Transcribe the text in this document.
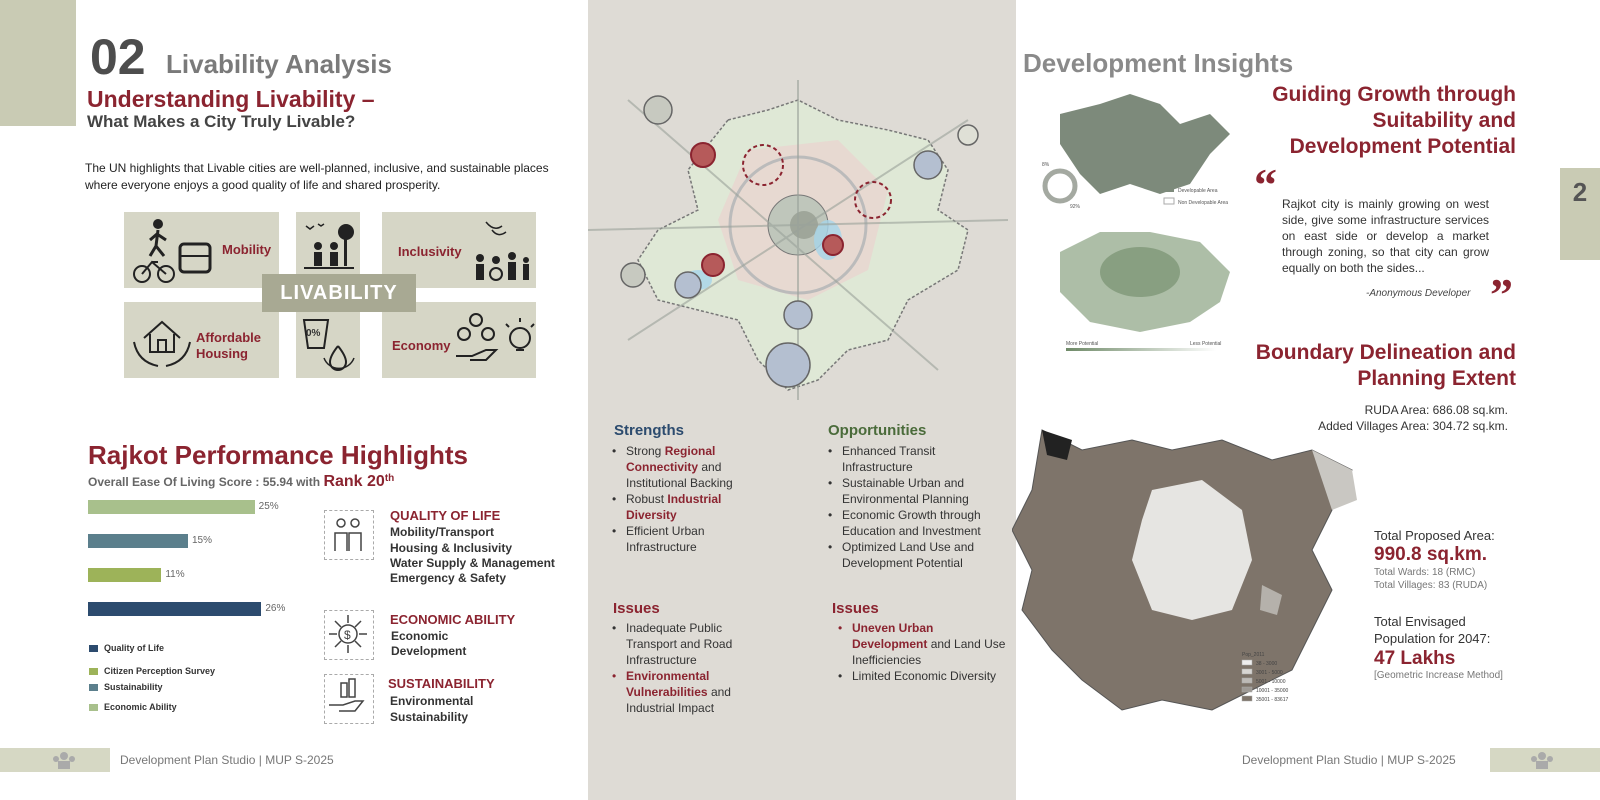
2
02 Livability Analysis
Understanding Livability –
What Makes a City Truly Livable?
The UN highlights that Livable cities are well-planned, inclusive, and sustainable places where everyone enjoys a good quality of life and shared prosperity.
Mobility	Inclusivity
Affordable
Housing
0%
Economy
LIVABILITY
Rajkot Performance Highlights
Overall Ease Of Living Score : 55.94 with Rank 20th
25%
15%
11%
26%
Quality of Life
Citizen Perception Survey
Sustainability
Economic Ability
QUALITY OF LIFE
Mobility/Transport
Housing & Inclusivity
Water Supply & Management
Emergency & Safety
$
ECONOMIC ABILITY
Economic
Development
SUSTAINABILITY
Environmental
Sustainability
Development Plan Studio | MUP S-2025
Strengths
• Strong Regional Connectivity and Institutional Backing
• Robust Industrial Diversity
• Efficient Urban Infrastructure
Opportunities
• Enhanced Transit Infrastructure
• Sustainable Urban and Environmental Planning
• Economic Growth through Education and Investment
• Optimized Land Use and Development Potential
Issues
• Inadequate Public Transport and Road Infrastructure
• Environmental Vulnerabilities and Industrial Impact
Issues
• Uneven Urban Development and Land Use Inefficiencies
• Limited Economic Diversity
Development Insights
Developable Area
Non Developable Area
8%
92%
More Potential	Less Potential
Guiding Growth through
Suitability and
Development Potential
“ Rajkot city is mainly growing on west side, give some infrastructure services on east side or develop a market through zoning, so that city can grow equally on both the sides...
-Anonymous Developer ”
Boundary Delineation and
Planning Extent
RUDA Area: 686.08 sq.km.
Added Villages Area: 304.72 sq.km.
Pop_2011
38 - 3000
3001 - 5000
5001 - 10000
10001 - 35000
35001 - 83617
Total Proposed Area:
990.8 sq.km.
Total Wards: 18 (RMC)
Total Villages: 83 (RUDA)
Total Envisaged
Population for 2047:
47 Lakhs
[Geometric Increase Method]
Development Plan Studio | MUP S-2025
